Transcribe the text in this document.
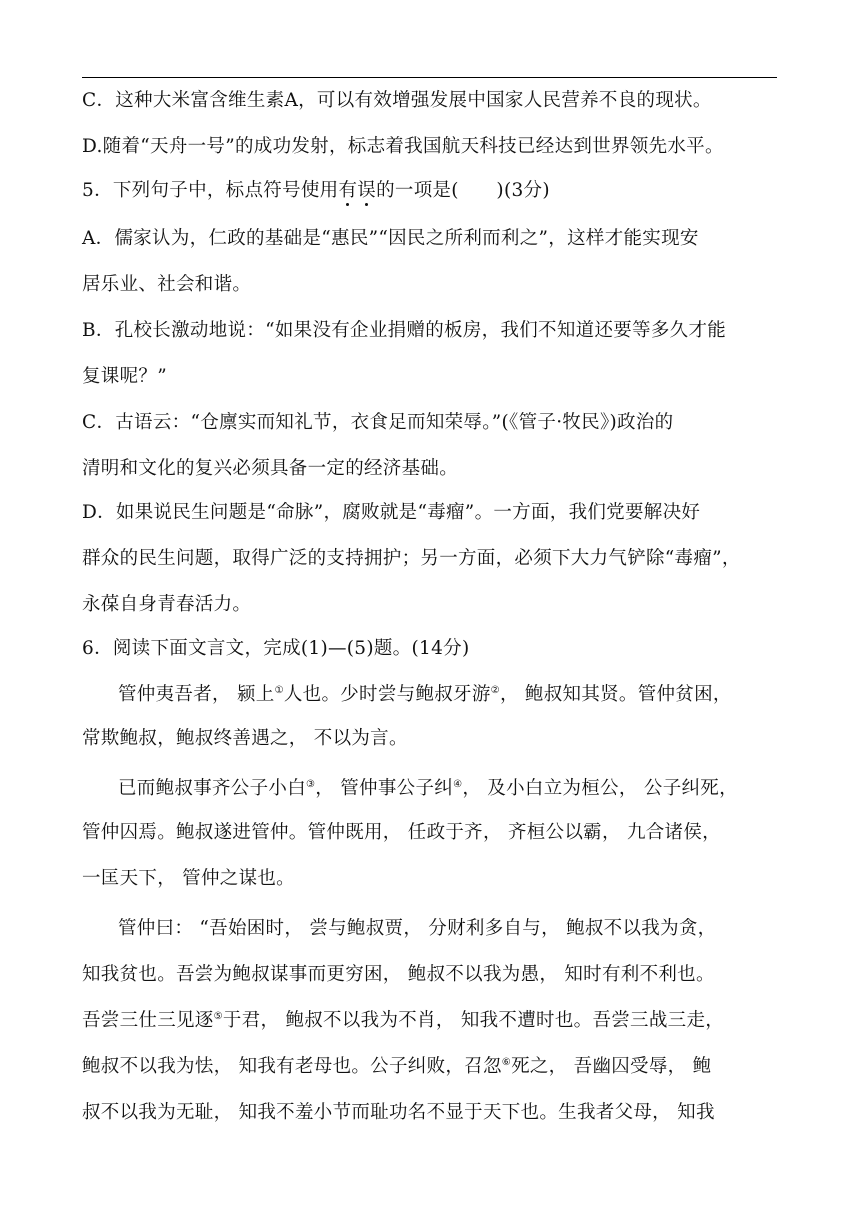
C．这种大米富含维生素A，可以有效增强发展中国家人民营养不良的现状。
D.随着“天舟一号”的成功发射，标志着我国航天科技已经达到世界领先水平。
5．下列句子中，标点符号使用有误的一项是(　　)(3分)
A．儒家认为，仁政的基础是“惠民”“因民之所利而利之”，这样才能实现安
居乐业、社会和谐。
B．孔校长激动地说：“如果没有企业捐赠的板房，我们不知道还要等多久才能
复课呢？”
C．古语云：“仓廪实而知礼节，衣食足而知荣辱。”(《管子·牧民》)政治的
清明和文化的复兴必须具备一定的经济基础。
D．如果说民生问题是“命脉”，腐败就是“毒瘤”。一方面，我们党要解决好
群众的民生问题，取得广泛的支持拥护；另一方面，必须下大力气铲除“毒瘤”，
永葆自身青春活力。
6．阅读下面文言文，完成(1)—(5)题。(14分)
管仲夷吾者， 颍上①人也。少时尝与鲍叔牙游②， 鲍叔知其贤。管仲贫困，
常欺鲍叔，鲍叔终善遇之， 不以为言。
已而鲍叔事齐公子小白③， 管仲事公子纠④， 及小白立为桓公， 公子纠死，
管仲囚焉。鲍叔遂进管仲。管仲既用， 任政于齐， 齐桓公以霸， 九合诸侯，
一匡天下， 管仲之谋也。
管仲曰： “吾始困时， 尝与鲍叔贾， 分财利多自与， 鲍叔不以我为贪，
知我贫也。吾尝为鲍叔谋事而更穷困， 鲍叔不以我为愚， 知时有利不利也。
吾尝三仕三见逐⑤于君， 鲍叔不以我为不肖， 知我不遭时也。吾尝三战三走，
鲍叔不以我为怯， 知我有老母也。公子纠败，召忽⑥死之， 吾幽囚受辱， 鲍
叔不以我为无耻， 知我不羞小节而耻功名不显于天下也。生我者父母， 知我
